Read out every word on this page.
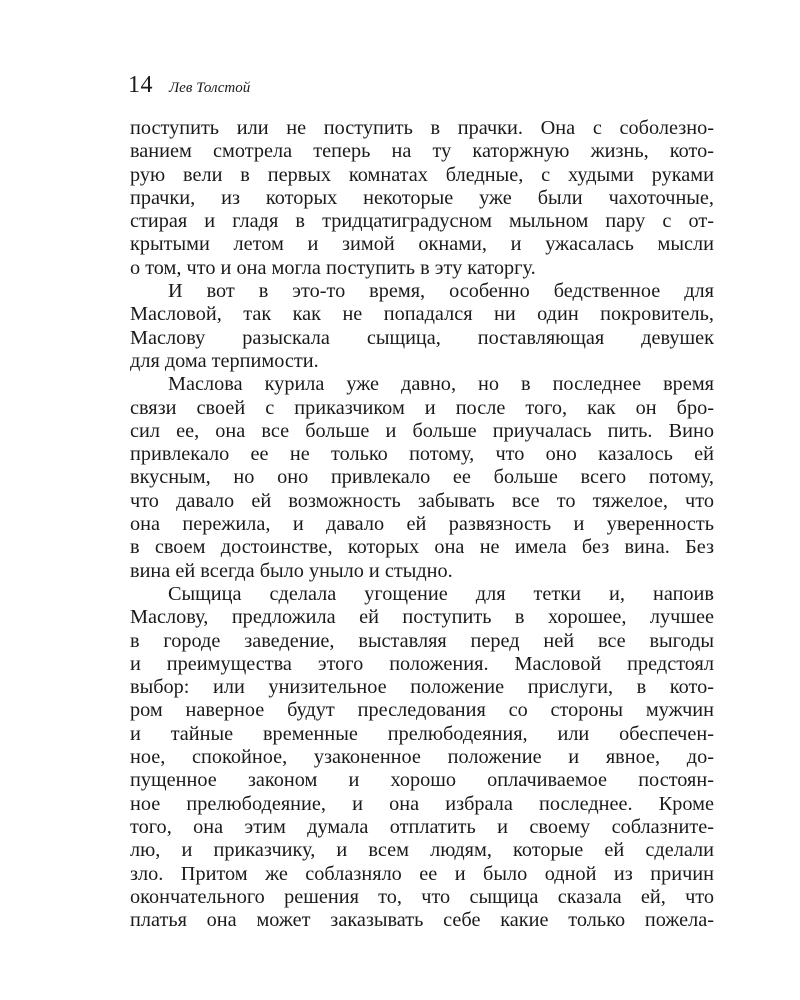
14 Лев Толстой
поступить или не поступить в прачки. Она с соболезно-
ванием смотрела теперь на ту каторжную жизнь, кото-
рую вели в первых комнатах бледные, с худыми руками
прачки, из которых некоторые уже были чахоточные,
стирая и гладя в тридцатиградусном мыльном пару с от-
крытыми летом и зимой окнами, и ужасалась мысли
о том, что и она могла поступить в эту каторгу.
И вот в это-то время, особенно бедственное для
Масловой, так как не попадался ни один покровитель,
Маслову разыскала сыщица, поставляющая девушек
для дома терпимости.
Маслова курила уже давно, но в последнее время
связи своей с приказчиком и после того, как он бро-
сил ее, она все больше и больше приучалась пить. Вино
привлекало ее не только потому, что оно казалось ей
вкусным, но оно привлекало ее больше всего потому,
что давало ей возможность забывать все то тяжелое, что
она пережила, и давало ей развязность и уверенность
в своем достоинстве, которых она не имела без вина. Без
вина ей всегда было уныло и стыдно.
Сыщица сделала угощение для тетки и, напоив
Маслову, предложила ей поступить в хорошее, лучшее
в городе заведение, выставляя перед ней все выгоды
и преимущества этого положения. Масловой предстоял
выбор: или унизительное положение прислуги, в кото-
ром наверное будут преследования со стороны мужчин
и тайные временные прелюбодеяния, или обеспечен-
ное, спокойное, узаконенное положение и явное, до-
пущенное законом и хорошо оплачиваемое постоян-
ное прелюбодеяние, и она избрала последнее. Кроме
того, она этим думала отплатить и своему соблазните-
лю, и приказчику, и всем людям, которые ей сделали
зло. Притом же соблазняло ее и было одной из причин
окончательного решения то, что сыщица сказала ей, что
платья она может заказывать себе какие только пожела-
